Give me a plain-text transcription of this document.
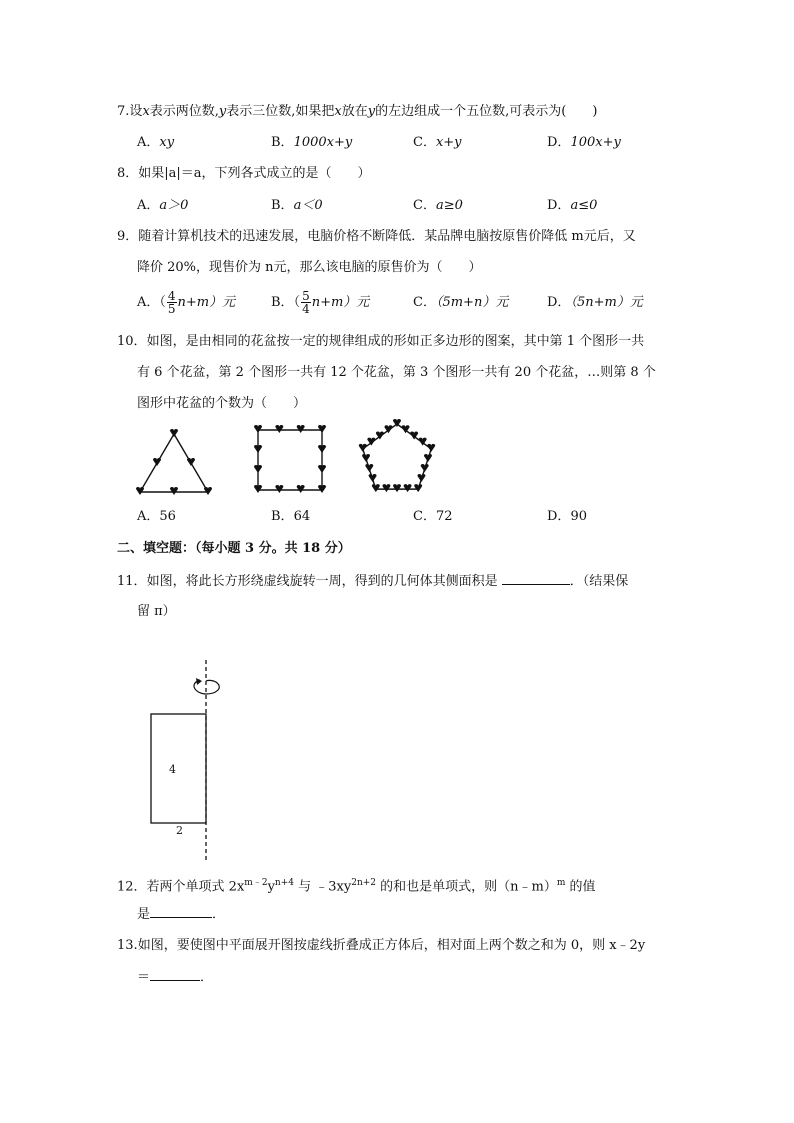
7.设x表示两位数,y表示三位数,如果把x放在y的左边组成一个五位数,可表示为(　　)
A．xy	B．1000x+y	C．x+y	D．100x+y
8．如果|a|＝a，下列各式成立的是（　　）
A．a＞0	B．a＜0	C．a≥0	D．a≤0
9．随着计算机技术的迅速发展，电脑价格不断降低．某品牌电脑按原售价降低 m元后，又
降价 20%，现售价为 n元，那么该电脑的原售价为（　　）
A．（ $\frac{4}{5} n+m$）元	B．（ $\frac{5}{4} n+m$）元	C．（5m+n）元	D．（5n+m）元
10．如图，是由相同的花盆按一定的规律组成的形如正多边形的图案，其中第 1 个图形一共
有 6 个花盆，第 2 个图形一共有 12 个花盆，第 3 个图形一共有 20 个花盆，…则第 8 个
图形中花盆的个数为（　　）
A．56	B．64	C．72	D．90
二、填空题：（每小题 3 分。共 18 分）
11．如图，将此长方形绕虚线旋转一周，得到的几何体其侧面积是	．（结果保
留 π）
4
2
12．若两个单项式 $2x^{m﹣2}y^{n+4}$ 与 $﹣3xy^{2n+2}$ 的和也是单项式，则（n﹣m）$^m$ 的值
是	．
13.如图，要使图中平面展开图按虚线折叠成正方体后，相对面上两个数之和为 0，则 x﹣2y
＝	．
